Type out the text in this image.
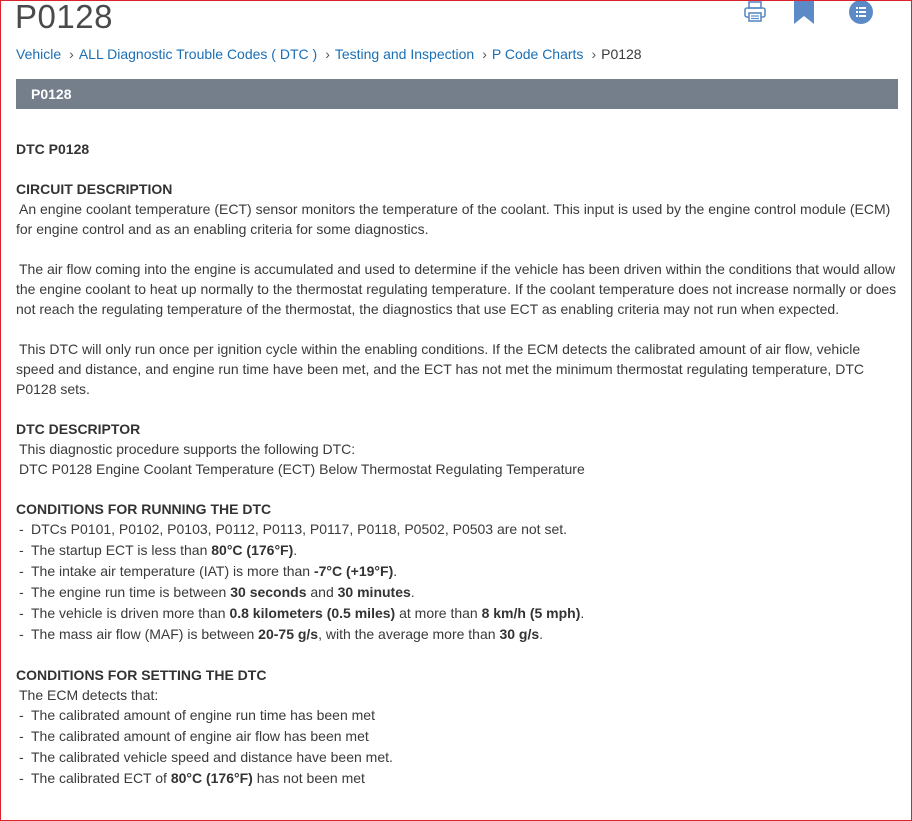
P0128
Vehicle › ALL Diagnostic Trouble Codes ( DTC ) › Testing and Inspection › P Code Charts › P0128
P0128

DTC P0128

CIRCUIT DESCRIPTION

An engine coolant temperature (ECT) sensor monitors the temperature of the coolant. This input is used by the engine control module (ECM) for engine control and as an enabling criteria for some diagnostics.

The air flow coming into the engine is accumulated and used to determine if the vehicle has been driven within the conditions that would allow the engine coolant to heat up normally to the thermostat regulating temperature. If the coolant temperature does not increase normally or does not reach the regulating temperature of the thermostat, the diagnostics that use ECT as enabling criteria may not run when expected.

This DTC will only run once per ignition cycle within the enabling conditions. If the ECM detects the calibrated amount of air flow, vehicle speed and distance, and engine run time have been met, and the ECT has not met the minimum thermostat regulating temperature, DTC P0128 sets.

DTC DESCRIPTOR

This diagnostic procedure supports the following DTC:

DTC P0128 Engine Coolant Temperature (ECT) Below Thermostat Regulating Temperature

CONDITIONS FOR RUNNING THE DTC

- DTCs P0101, P0102, P0103, P0112, P0113, P0117, P0118, P0502, P0503 are not set.

- The startup ECT is less than 80°C (176°F).

- The intake air temperature (IAT) is more than -7°C (+19°F).

- The engine run time is between 30 seconds and 30 minutes.

- The vehicle is driven more than 0.8 kilometers (0.5 miles) at more than 8 km/h (5 mph).

- The mass air flow (MAF) is between 20-75 g/s, with the average more than 30 g/s.

CONDITIONS FOR SETTING THE DTC

The ECM detects that:

- The calibrated amount of engine run time has been met

- The calibrated amount of engine air flow has been met

- The calibrated vehicle speed and distance have been met.

- The calibrated ECT of 80°C (176°F) has not been met
